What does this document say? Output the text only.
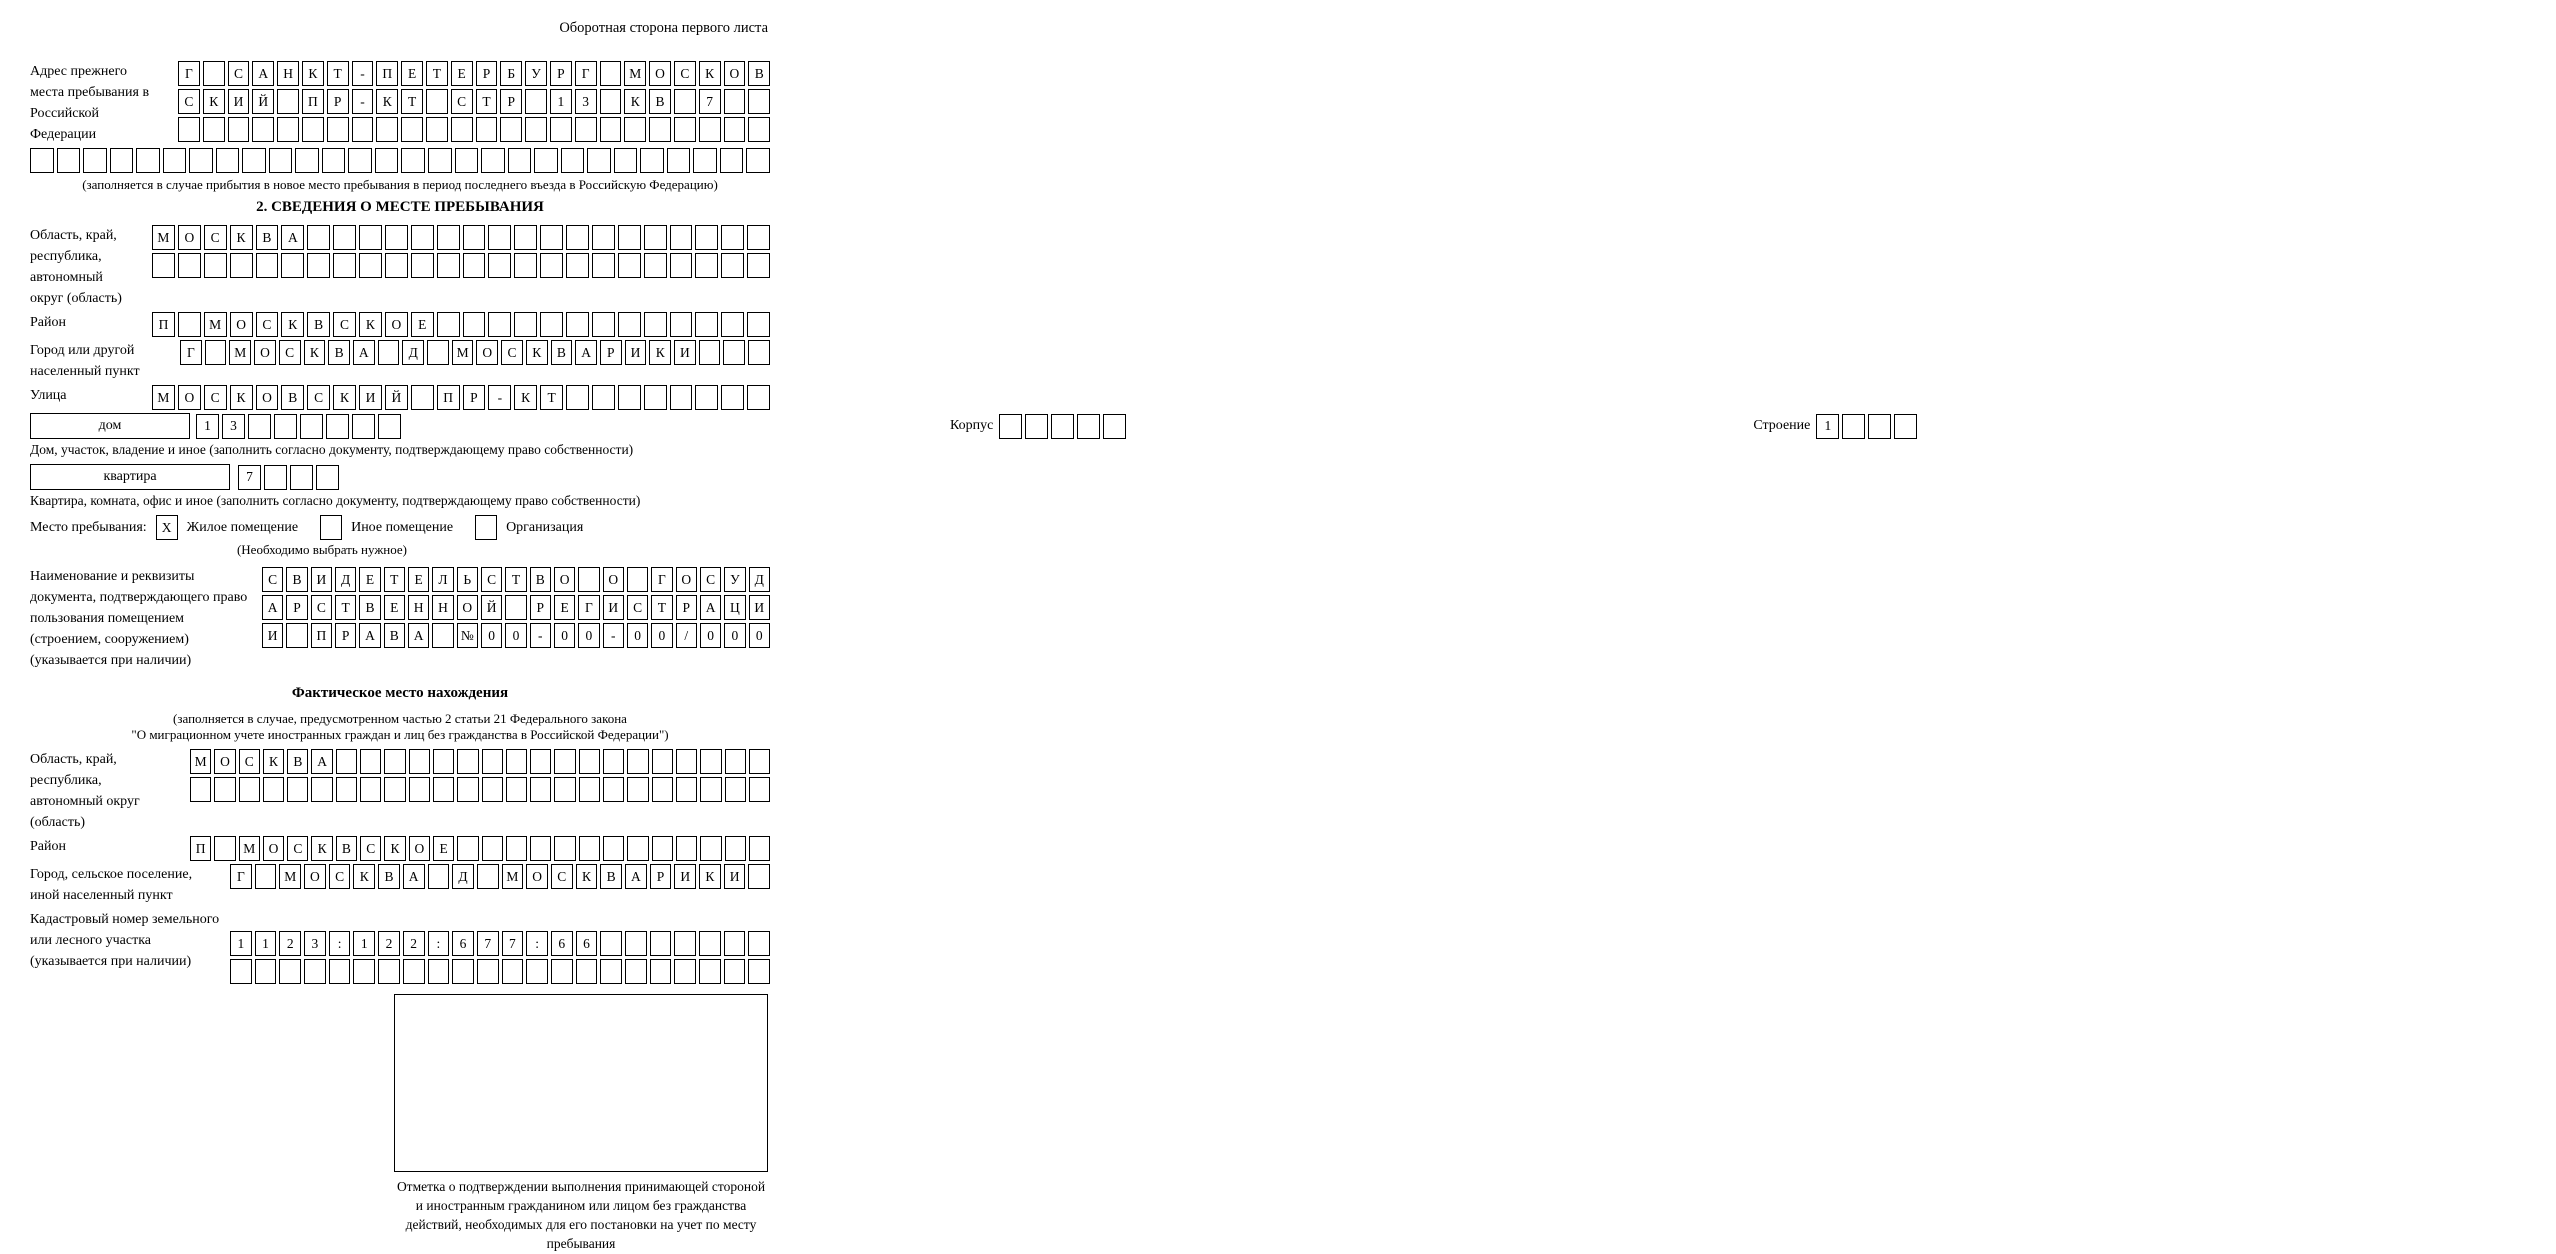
Оборотная сторона первого листа
Адрес прежнего места пребывания в Российской Федерации
Г	С	А	Н	К	Т	-	П	Е	Т	Е	Р	Б	У	Р	Г	М	О	С	К	О	В
С	К	И	Й	П	Р	-	К	Т	С	Т	Р	1	3	К	В	7
(заполняется в случае прибытия в новое место пребывания в период последнего въезда в Российскую Федерацию)
2. СВЕДЕНИЯ О МЕСТЕ ПРЕБЫВАНИЯ
Область, край, республика, автономный округ (область)
М	О	С	К	В	А
Район	П	М	О	С	К	В	С	К	О	Е
Город или другой населенный пункт
Г	М	О	С	К	В	А	Д	М	О	С	К	В	А	Р	И	К	И
Улица	М	О	С	К	О	В	С	К	И	Й	П	Р	-	К	Т
дом	1	3	Корпус	Строение	1
Дом, участок, владение и иное (заполнить согласно документу, подтверждающему право собственности)
квартира	7
Квартира, комната, офис и иное (заполнить согласно документу, подтверждающему право собственности)
Место пребывания:	X	Жилое помещение	Иное помещение	Организация
(Необходимо выбрать нужное)
Наименование и реквизиты документа, подтверждающего право пользования помещением (строением, сооружением) (указывается при наличии)
С	В	И	Д	Е	Т	Е	Л	Ь	С	Т	В	О	О	Г	О	С	У	Д
А	Р	С	Т	В	Е	Н	Н	О	Й	Р	Е	Г	И	С	Т	Р	А	Ц	И
И	П	Р	А	В	А	№	0	0	-	0	0	-	0	0	/	0	0	0
Фактическое место нахождения
(заполняется в случае, предусмотренном частью 2 статьи 21 Федерального закона
"О миграционном учете иностранных граждан и лиц без гражданства в Российской Федерации")
Область, край, республика, автономный округ (область)
М О	С	К	В	А
Район	П	М О	С	К	В	С	К	О	Е
Город, сельское поселение, иной населенный пункт
Г	М	О	С	К	В	А	Д	М	О	С	К	В	А	Р	И	К	И
Кадастровый номер земельного или лесного участка (указывается при наличии)
1	1	2	3	:	1	2	2	:	6	7	7	:	6	6
Отметка о подтверждении выполнения принимающей стороной и иностранным гражданином или лицом без гражданства действий, необходимых для его постановки на учет по месту пребывания
